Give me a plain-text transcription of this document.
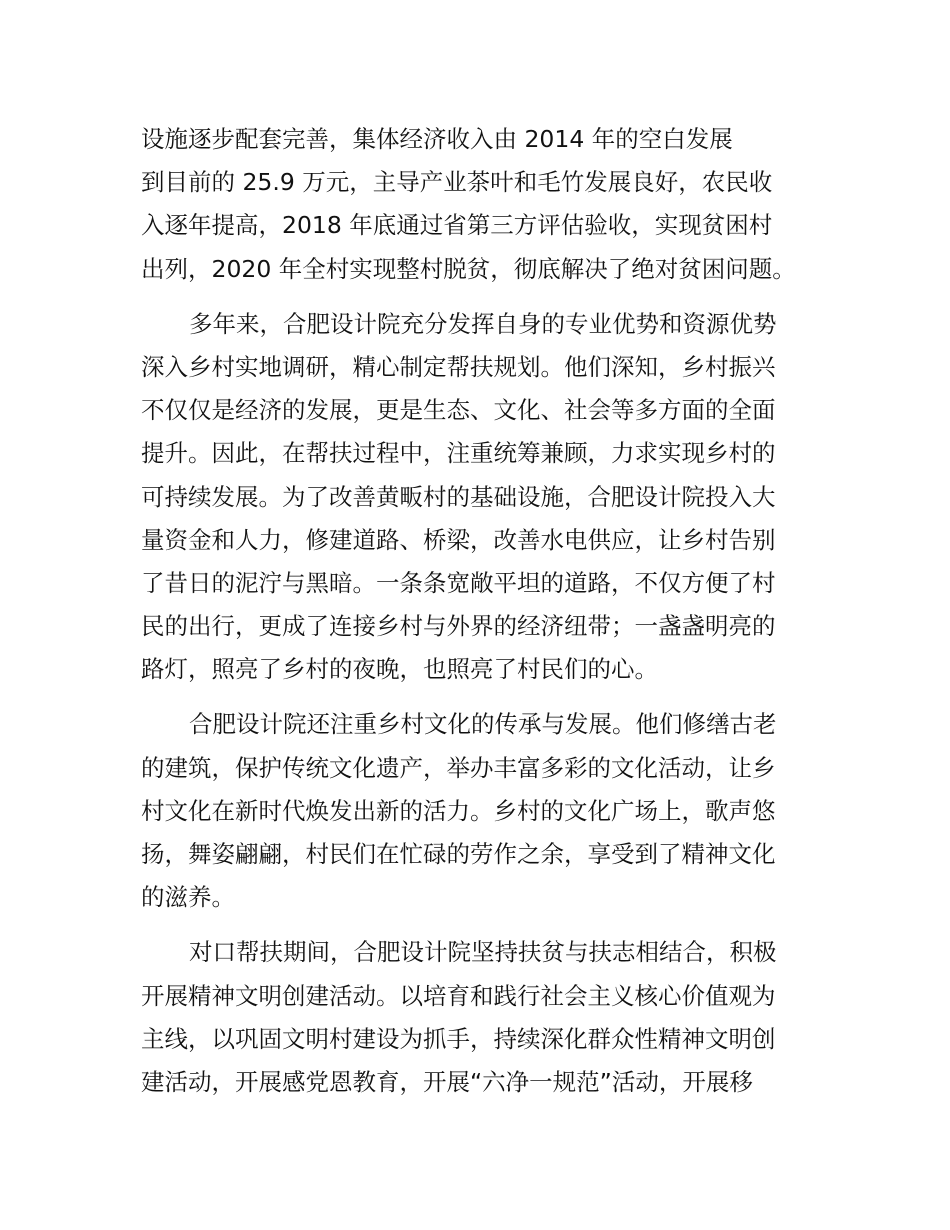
设施逐步配套完善，集体经济收入由 2014 年的空白发展
到目前的 25.9 万元，主导产业茶叶和毛竹发展良好，农民收
入逐年提高，2018 年底通过省第三方评估验收，实现贫困村
出列，2020 年全村实现整村脱贫，彻底解决了绝对贫困问题。

多年来，合肥设计院充分发挥自身的专业优势和资源优势
深入乡村实地调研，精心制定帮扶规划。他们深知，乡村振兴
不仅仅是经济的发展，更是生态、文化、社会等多方面的全面
提升。因此，在帮扶过程中，注重统筹兼顾，力求实现乡村的
可持续发展。为了改善黄畈村的基础设施，合肥设计院投入大
量资金和人力，修建道路、桥梁，改善水电供应，让乡村告别
了昔日的泥泞与黑暗。一条条宽敞平坦的道路，不仅方便了村
民的出行，更成了连接乡村与外界的经济纽带；一盏盏明亮的
路灯，照亮了乡村的夜晚，也照亮了村民们的心。

合肥设计院还注重乡村文化的传承与发展。他们修缮古老
的建筑，保护传统文化遗产，举办丰富多彩的文化活动，让乡
村文化在新时代焕发出新的活力。乡村的文化广场上，歌声悠
扬，舞姿翩翩，村民们在忙碌的劳作之余，享受到了精神文化
的滋养。

对口帮扶期间，合肥设计院坚持扶贫与扶志相结合，积极
开展精神文明创建活动。以培育和践行社会主义核心价值观为
主线，以巩固文明村建设为抓手，持续深化群众性精神文明创
建活动，开展感党恩教育，开展“六净一规范”活动，开展移
